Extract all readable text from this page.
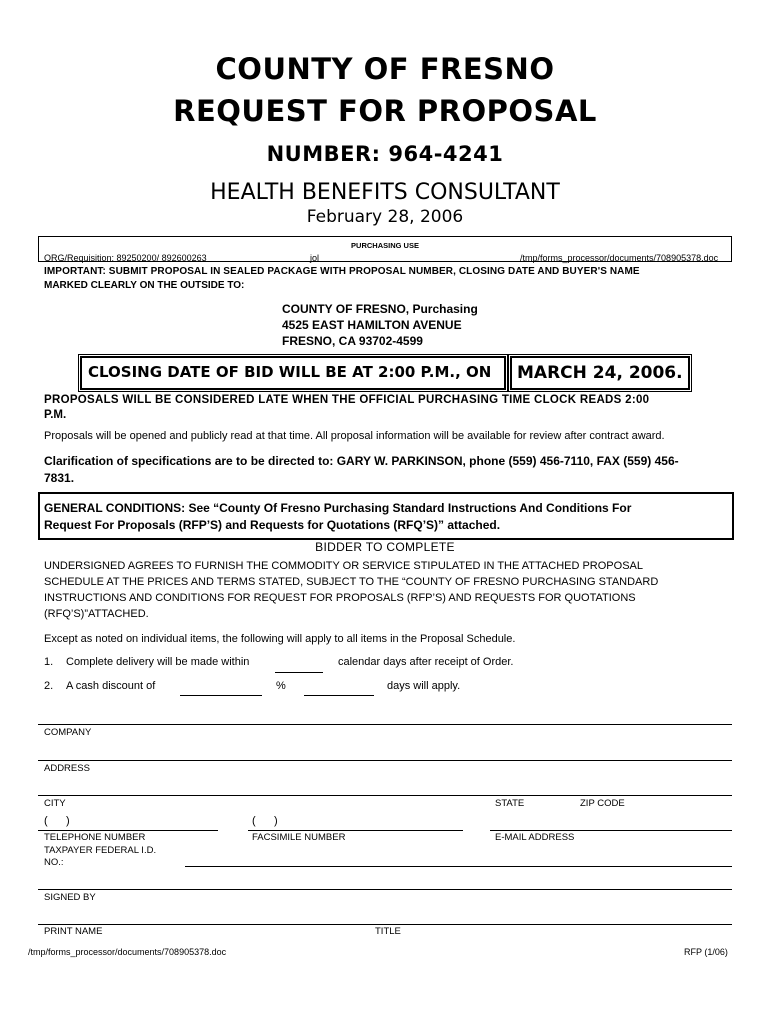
COUNTY OF FRESNO
REQUEST FOR PROPOSAL
NUMBER: 964-4241
HEALTH BENEFITS CONSULTANT
February 28, 2006
PURCHASING USE
ORG/Requisition: 89250200/ 892600263	jol	/tmp/forms_processor/documents/708905378.doc
IMPORTANT: SUBMIT PROPOSAL IN SEALED PACKAGE WITH PROPOSAL NUMBER, CLOSING DATE AND BUYER'S NAME
MARKED CLEARLY ON THE OUTSIDE TO:
COUNTY OF FRESNO, Purchasing
4525 EAST HAMILTON AVENUE
FRESNO, CA 93702-4599
CLOSING DATE OF BID WILL BE AT 2:00 P.M., ON MARCH 24, 2006.
PROPOSALS WILL BE CONSIDERED LATE WHEN THE OFFICIAL PURCHASING TIME CLOCK READS 2:00
P.M.
Proposals will be opened and publicly read at that time. All proposal information will be available for review after contract award.
Clarification of specifications are to be directed to: GARY W. PARKINSON, phone (559) 456-7110, FAX (559) 456-
7831.
GENERAL CONDITIONS: See “County Of Fresno Purchasing Standard Instructions And Conditions For
Request For Proposals (RFP’S) and Requests for Quotations (RFQ’S)” attached.
BIDDER TO COMPLETE
UNDERSIGNED AGREES TO FURNISH THE COMMODITY OR SERVICE STIPULATED IN THE ATTACHED PROPOSAL
SCHEDULE AT THE PRICES AND TERMS STATED, SUBJECT TO THE “COUNTY OF FRESNO PURCHASING STANDARD
INSTRUCTIONS AND CONDITIONS FOR REQUEST FOR PROPOSALS (RFP’S) AND REQUESTS FOR QUOTATIONS
(RFQ’S)”ATTACHED.
Except as noted on individual items, the following will apply to all items in the Proposal Schedule.
1. Complete delivery will be made within	calendar days after receipt of Order.
2. A cash discount of	%	days will apply.
COMPANY
ADDRESS
CITY	STATE	ZIP CODE
(      )	(      )
TELEPHONE NUMBER	FACSIMILE NUMBER	E-MAIL ADDRESS
TAXPAYER FEDERAL I.D.
NO.:
SIGNED BY
PRINT NAME	TITLE
/tmp/forms_processor/documents/708905378.doc	RFP (1/06)
